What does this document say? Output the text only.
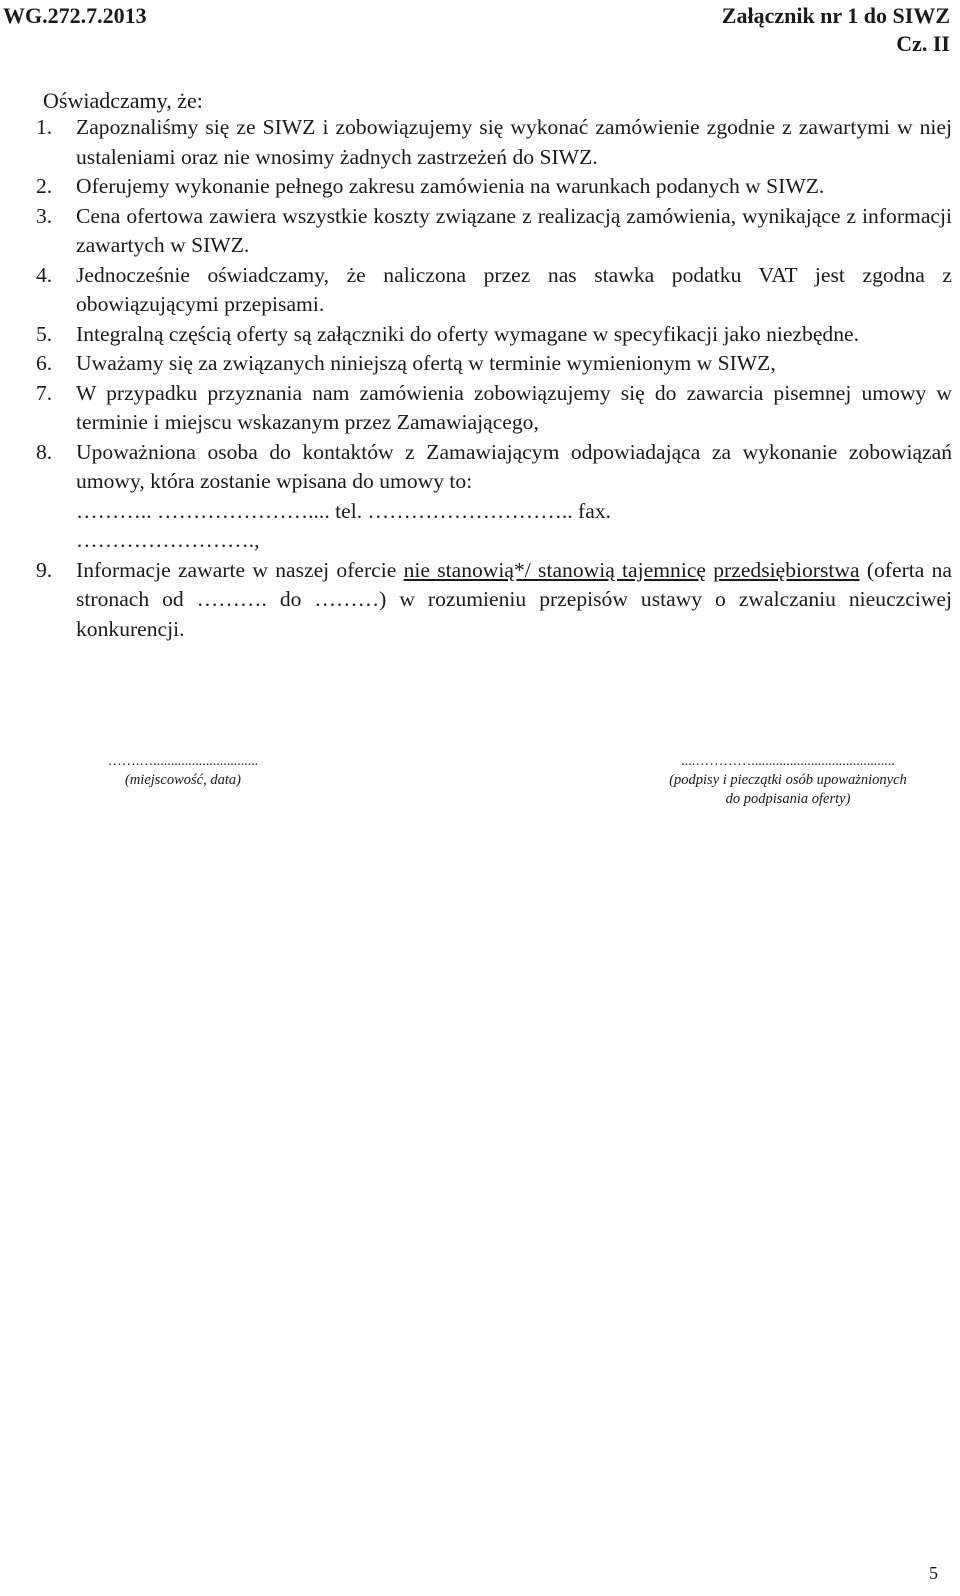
WG.272.7.2013	Załącznik nr 1 do SIWZ
Cz. II
Oświadczamy, że:
1. Zapoznaliśmy się ze SIWZ i zobowiązujemy się wykonać zamówienie zgodnie z zawartymi w niej ustaleniami oraz nie wnosimy żadnych zastrzeżeń do SIWZ.
2. Oferujemy wykonanie pełnego zakresu zamówienia na warunkach podanych w SIWZ.
3. Cena ofertowa zawiera wszystkie koszty związane z realizacją zamówienia, wynikające z informacji zawartych w SIWZ.
4. Jednocześnie oświadczamy, że naliczona przez nas stawka podatku VAT jest zgodna z obowiązującymi przepisami.
5. Integralną częścią oferty są załączniki do oferty wymagane w specyfikacji jako niezbędne.
6. Uważamy się za związanych niniejszą ofertą w terminie wymienionym w SIWZ,
7. W przypadku przyznania nam zamówienia zobowiązujemy się do zawarcia pisemnej umowy w terminie i miejscu wskazanym przez Zamawiającego,
8. Upoważniona osoba do kontaktów z Zamawiającym odpowiadająca za wykonanie zobowiązań umowy, która zostanie wpisana do umowy to:
……….. ………………….... tel. ……………………….. fax.
…………………….,
9. Informacje zawarte w naszej ofercie nie stanowią*/ stanowią tajemnicę przedsiębiorstwa (oferta na stronach od ………. do ………) w rozumieniu przepisów ustawy o zwalczaniu nieuczciwej konkurencji.
…….…..............................
(miejscowość, data)
....………….........................................
(podpisy i pieczątki osób upoważnionych
do podpisania oferty)
5
